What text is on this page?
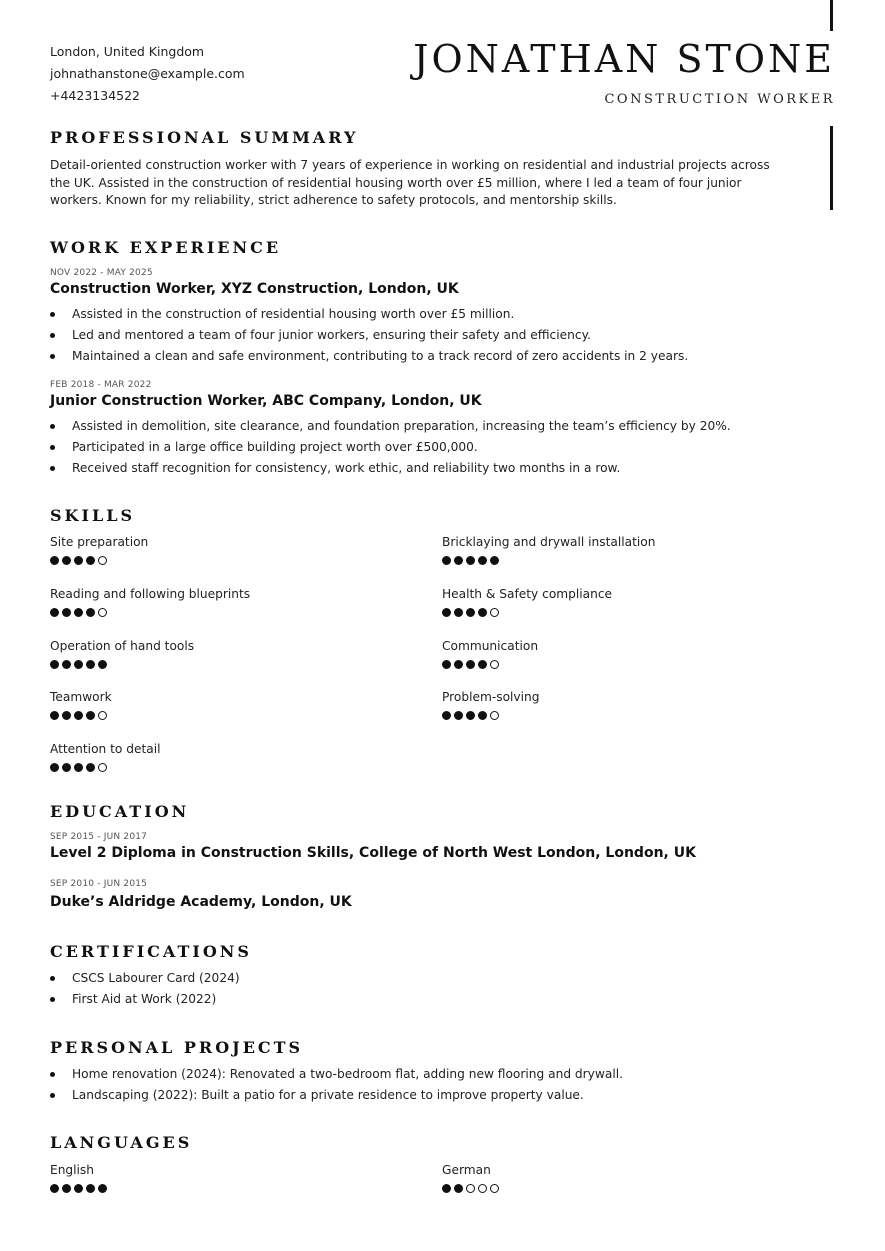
London, United Kingdom
johnathanstone@example.com
+4423134522
JONATHAN STONE
CONSTRUCTION WORKER
PROFESSIONAL SUMMARY
Detail-oriented construction worker with 7 years of experience in working on residential and industrial projects across the UK. Assisted in the construction of residential housing worth over £5 million, where I led a team of four junior workers. Known for my reliability, strict adherence to safety protocols, and mentorship skills.
WORK EXPERIENCE
NOV 2022 - MAY 2025
Construction Worker, XYZ Construction, London, UK
Assisted in the construction of residential housing worth over £5 million.
Led and mentored a team of four junior workers, ensuring their safety and efficiency.
Maintained a clean and safe environment, contributing to a track record of zero accidents in 2 years.
FEB 2018 - MAR 2022
Junior Construction Worker, ABC Company, London, UK
Assisted in demolition, site clearance, and foundation preparation, increasing the team’s efficiency by 20%.
Participated in a large office building project worth over £500,000.
Received staff recognition for consistency, work ethic, and reliability two months in a row.
SKILLS
Site preparation	Bricklaying and drywall installation
Reading and following blueprints	Health & Safety compliance
Operation of hand tools	Communication
Teamwork	Problem-solving
Attention to detail
EDUCATION
SEP 2015 - JUN 2017
Level 2 Diploma in Construction Skills, College of North West London, London, UK
SEP 2010 - JUN 2015
Duke’s Aldridge Academy, London, UK
CERTIFICATIONS
CSCS Labourer Card (2024)
First Aid at Work (2022)
PERSONAL PROJECTS
Home renovation (2024): Renovated a two-bedroom flat, adding new flooring and drywall.
Landscaping (2022): Built a patio for a private residence to improve property value.
LANGUAGES
English	German
